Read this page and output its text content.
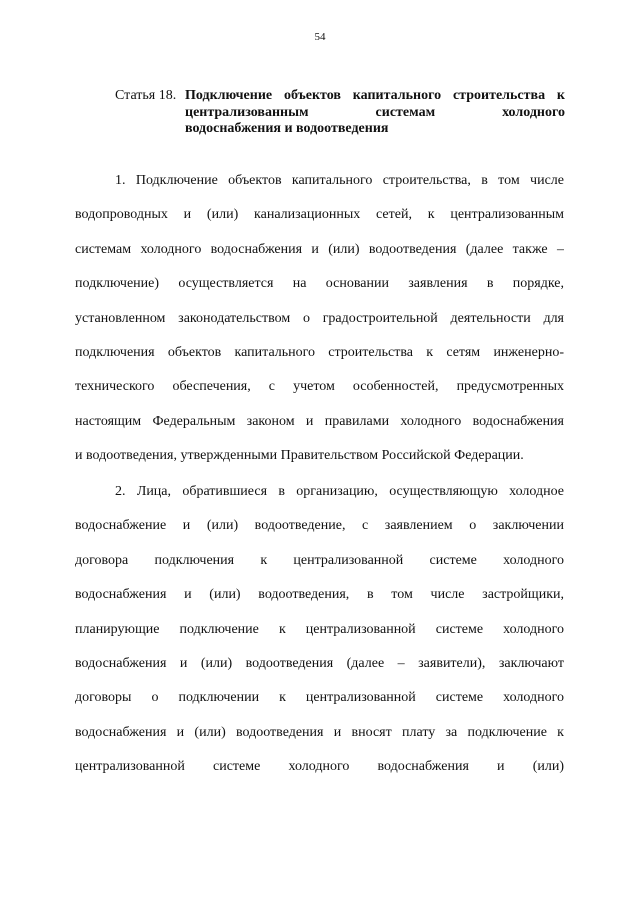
54
Статья 18. Подключение объектов капитального строительства к
централизованным системам холодного
водоснабжения и водоотведения
1. Подключение объектов капитального строительства, в том числе
водопроводных и (или) канализационных сетей, к централизованным
системам холодного водоснабжения и (или) водоотведения (далее также –
подключение) осуществляется на основании заявления в порядке,
установленном законодательством о градостроительной деятельности для
подключения объектов капитального строительства к сетям инженерно-
технического обеспечения, с учетом особенностей, предусмотренных
настоящим Федеральным законом и правилами холодного водоснабжения
и водоотведения, утвержденными Правительством Российской Федерации.
2. Лица, обратившиеся в организацию, осуществляющую холодное
водоснабжение и (или) водоотведение, с заявлением о заключении
договора подключения к централизованной системе холодного
водоснабжения и (или) водоотведения, в том числе застройщики,
планирующие подключение к централизованной системе холодного
водоснабжения и (или) водоотведения (далее – заявители), заключают
договоры о подключении к централизованной системе холодного
водоснабжения и (или) водоотведения и вносят плату за подключение к
централизованной системе холодного водоснабжения и (или)
